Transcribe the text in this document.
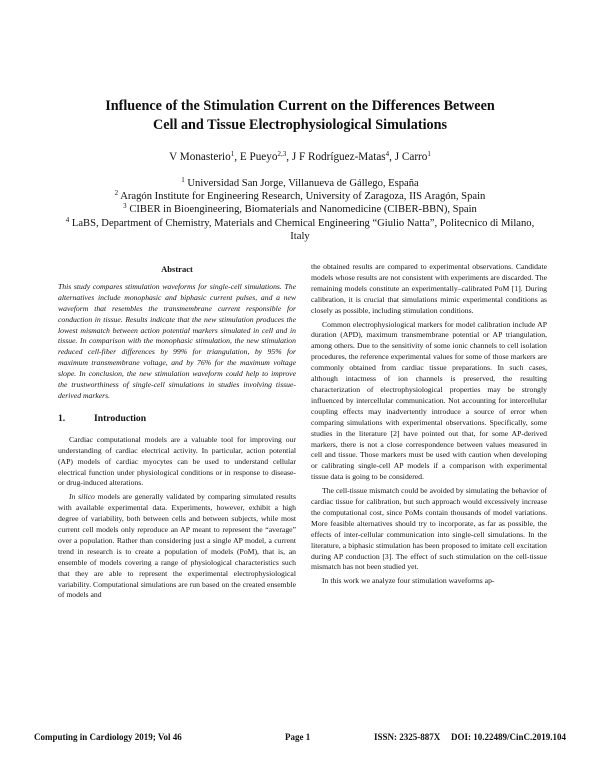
Influence of the Stimulation Current on the Differences Between
Cell and Tissue Electrophysiological Simulations
V Monasterio$^1$, E Pueyo$^{2,3}$, J F Rodríguez-Matas$^4$, J Carro$^1$
$^1$ Universidad San Jorge, Villanueva de Gállego, España
$^2$ Aragón Institute for Engineering Research, University of Zaragoza, IIS Aragón, Spain
$^3$ CIBER in Bioengineering, Biomaterials and Nanomedicine (CIBER-BBN), Spain
$^4$ LaBS, Department of Chemistry, Materials and Chemical Engineering “Giulio Natta”, Politecnico di Milano, Italy
Abstract

This study compares stimulation waveforms for single-cell simulations. The alternatives include monophasic and biphasic current pulses, and a new waveform that resembles the transmembrane current responsible for conduction in tissue. Results indicate that the new stimulation produces the lowest mismatch between action potential markers simulated in cell and in tissue. In comparison with the monophasic stimulation, the new stimulation reduced cell-fiber differences by 99% for triangulation, by 95% for maximum transmembrane voltage, and by 76% for the maximum voltage slope. In conclusion, the new stimulation waveform could help to improve the trustworthiness of single-cell simulations in studies involving tissue-derived markers.

1.	Introduction

Cardiac computational models are a valuable tool for improving our understanding of cardiac electrical activity. In particular, action potential (AP) models of cardiac myocytes can be used to understand cellular electrical function under physiological conditions or in response to disease- or drug-induced alterations.

In silico models are generally validated by comparing simulated results with available experimental data. Experiments, however, exhibit a high degree of variability, both between cells and between subjects, while most current cell models only reproduce an AP meant to represent the “average” over a population. Rather than considering just a single AP model, a current trend in research is to create a population of models (PoM), that is, an ensemble of models covering a range of physiological characteristics such that they are able to represent the experimental electrophysiological variability. Computational simulations are run based on the created ensemble of models and

the obtained results are compared to experimental observations. Candidate models whose results are not consistent with experiments are discarded. The remaining models constitute an experimentally–calibrated PoM [1]. During calibration, it is crucial that simulations mimic experimental conditions as closely as possible, including stimulation conditions.

Common electrophysiological markers for model calibration include AP duration (APD), maximum transmembrane potential or AP triangulation, among others. Due to the sensitivity of some ionic channels to cell isolation procedures, the reference experimental values for some of those markers are commonly obtained from cardiac tissue preparations. In such cases, although intactness of ion channels is preserved, the resulting characterization of electrophysiological properties may be strongly influenced by intercellular communication. Not accounting for intercellular coupling effects may inadvertently introduce a source of error when comparing simulations with experimental observations. Specifically, some studies in the literature [2] have pointed out that, for some AP-derived markers, there is not a close correspondence between values measured in cell and tissue. Those markers must be used with caution when developing or calibrating single-cell AP models if a comparison with experimental tissue data is going to be considered.

The cell-tissue mismatch could be avoided by simulating the behavior of cardiac tissue for calibration, but such approach would excessively increase the computational cost, since PoMs contain thousands of model variations. More feasible alternatives should try to incorporate, as far as possible, the effects of inter-cellular communication into single-cell simulations. In the literature, a biphasic stimulation has been proposed to imitate cell excitation during AP conduction [3]. The effect of such stimulation on the cell-tissue mismatch has not been studied yet.

In this work we analyze four stimulation waveforms ap-

Computing in Cardiology 2019; Vol 46	Page 1	ISSN: 2325-887X DOI: 10.22489/CinC.2019.104
